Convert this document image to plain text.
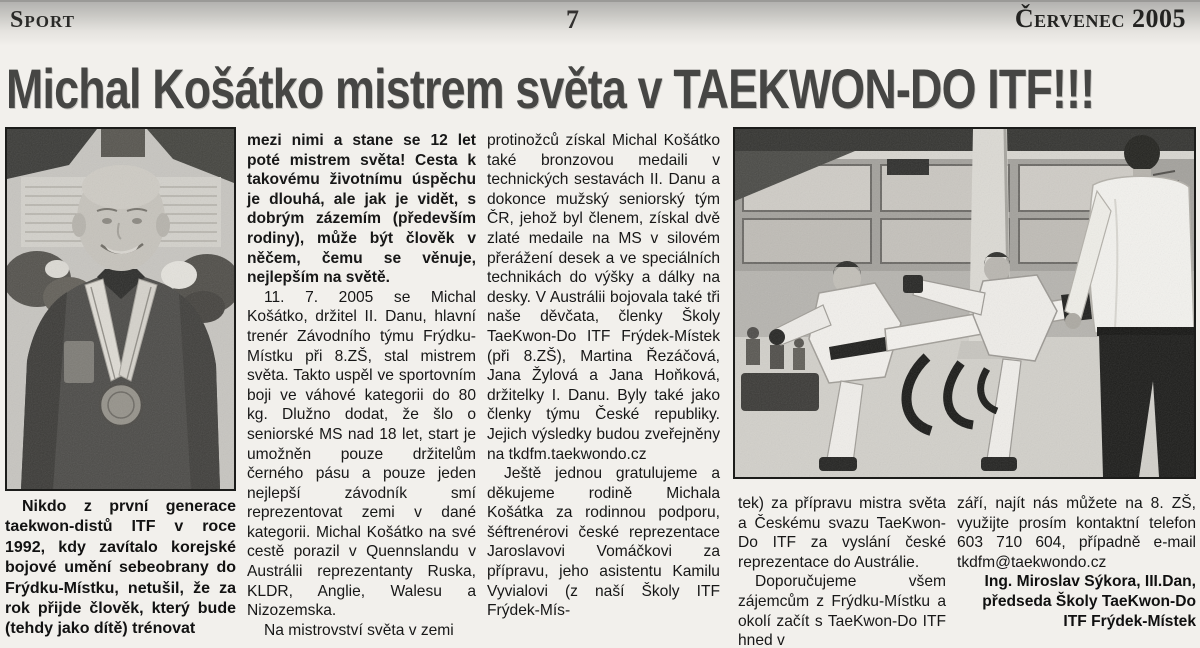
Sport	7	Červenec 2005
Michal Košátko mistrem světa v TAEKWON-DO ITF!!!

Nikdo z první generace taekwon-distů ITF v roce 1992, kdy zavítalo korejské bojové umění sebeobrany do Frýdku-Místku, netušil, že za rok přijde člověk, který bude (tehdy jako dítě) trénovat

mezi nimi a stane se 12 let poté mistrem světa! Cesta k takovému životnímu úspěchu je dlouhá, ale jak je vidět, s dobrým zázemím (především rodiny), může být člověk v něčem, čemu se věnuje, nejlepším na světě.

11. 7. 2005 se Michal Košátko, držitel II. Danu, hlavní trenér Závodního týmu Frýdku-Místku při 8.ZŠ, stal mistrem světa. Takto uspěl ve sportovním boji ve váhové kategorii do 80 kg. Dlužno dodat, že šlo o seniorské MS nad 18 let, start je umožněn pouze držitelům černého pásu a pouze jeden nejlepší závodník smí reprezentovat zemi v dané kategorii. Michal Košátko na své cestě porazil v Quennslandu v Austrálii reprezentanty Ruska, KLDR, Anglie, Walesu a Nizozemska.

Na mistrovství světa v zemi

protinožců získal Michal Košátko také bronzovou medaili v technických sestavách II. Danu a dokonce mužský seniorský tým ČR, jehož byl členem, získal dvě zlaté medaile na MS v silovém přerážení desek a ve speciálních technikách do výšky a dálky na desky. V Austrálii bojovala také tři naše děvčata, členky Školy TaeKwon-Do ITF Frýdek-Místek (při 8.ZŠ), Martina Řezáčová, Jana Žylová a Jana Hoňková, držitelky I. Danu. Byly také jako členky týmu České republiky. Jejich výsledky budou zveřejněny na tkdfm.taekwondo.cz

Ještě jednou gratulujeme a děkujeme rodině Michala Košátka za rodinnou podporu, šéftrenérovi české reprezentace Jaroslavovi Vomáčkovi za přípravu, jeho asistentu Kamilu Vyvialovi (z naší Školy ITF Frýdek-Mís-

tek) za přípravu mistra světa a Českému svazu TaeKwon-Do ITF za vyslání české reprezentace do Austrálie.

Doporučujeme všem zájemcům z Frýdku-Místku a okolí začít s TaeKwon-Do ITF hned v

září, najít nás můžete na 8. ZŠ, využijte prosím kontaktní telefon 603 710 604, případně e-mail tkdfm@taekwondo.cz

Ing. Miroslav Sýkora, III.Dan,

předseda Školy TaeKwon-Do

ITF Frýdek-Místek
